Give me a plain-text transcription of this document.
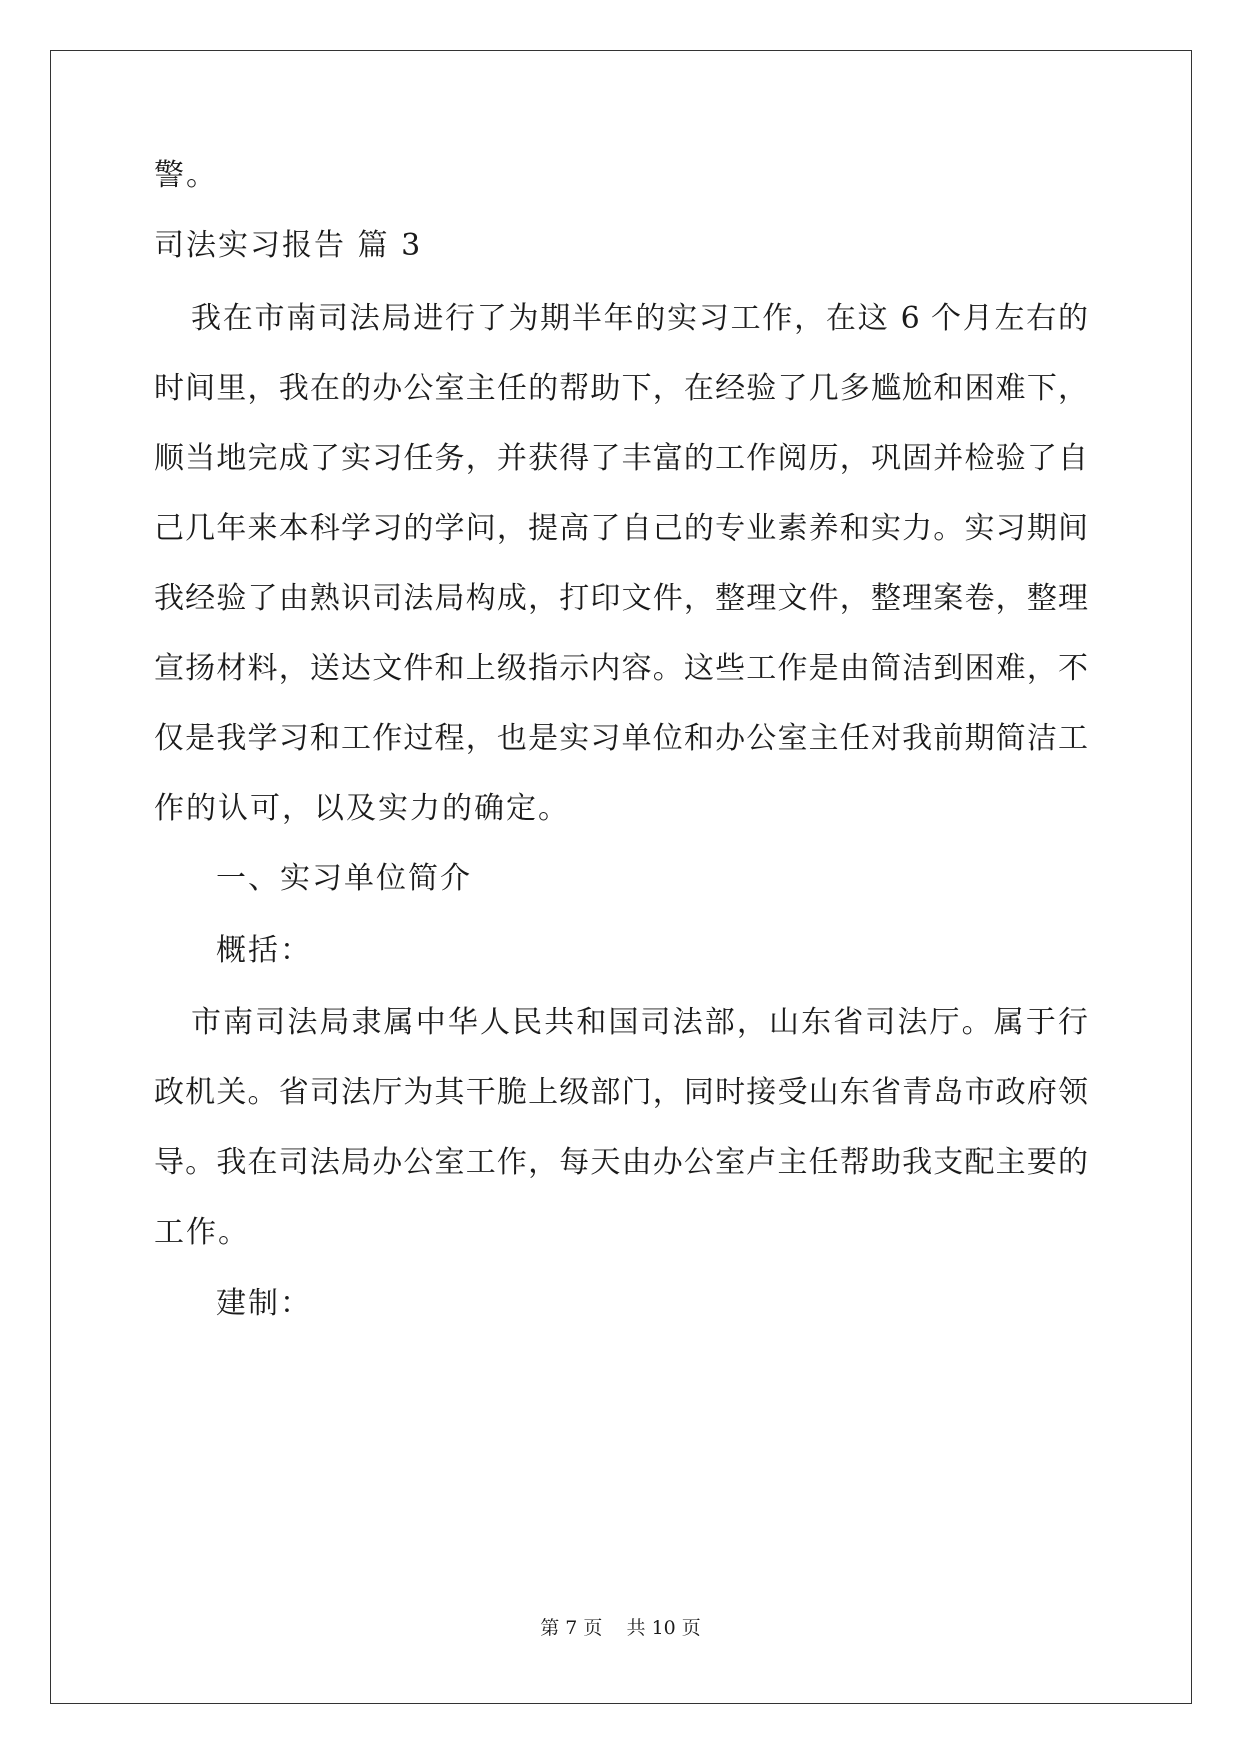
警。
司法实习报告 篇 3
我在市南司法局进行了为期半年的实习工作，在这 6 个月左右的
时间里，我在的办公室主任的帮助下，在经验了几多尴尬和困难下，
顺当地完成了实习任务，并获得了丰富的工作阅历，巩固并检验了自
己几年来本科学习的学问，提高了自己的专业素养和实力。实习期间
我经验了由熟识司法局构成，打印文件，整理文件，整理案卷，整理
宣扬材料，送达文件和上级指示内容。这些工作是由简洁到困难，不
仅是我学习和工作过程，也是实习单位和办公室主任对我前期简洁工
作的认可，以及实力的确定。
一、实习单位简介
概括：
市南司法局隶属中华人民共和国司法部，山东省司法厅。属于行
政机关。省司法厅为其干脆上级部门，同时接受山东省青岛市政府领
导。我在司法局办公室工作，每天由办公室卢主任帮助我支配主要的
工作。
建制：
第 7 页    共 10 页
